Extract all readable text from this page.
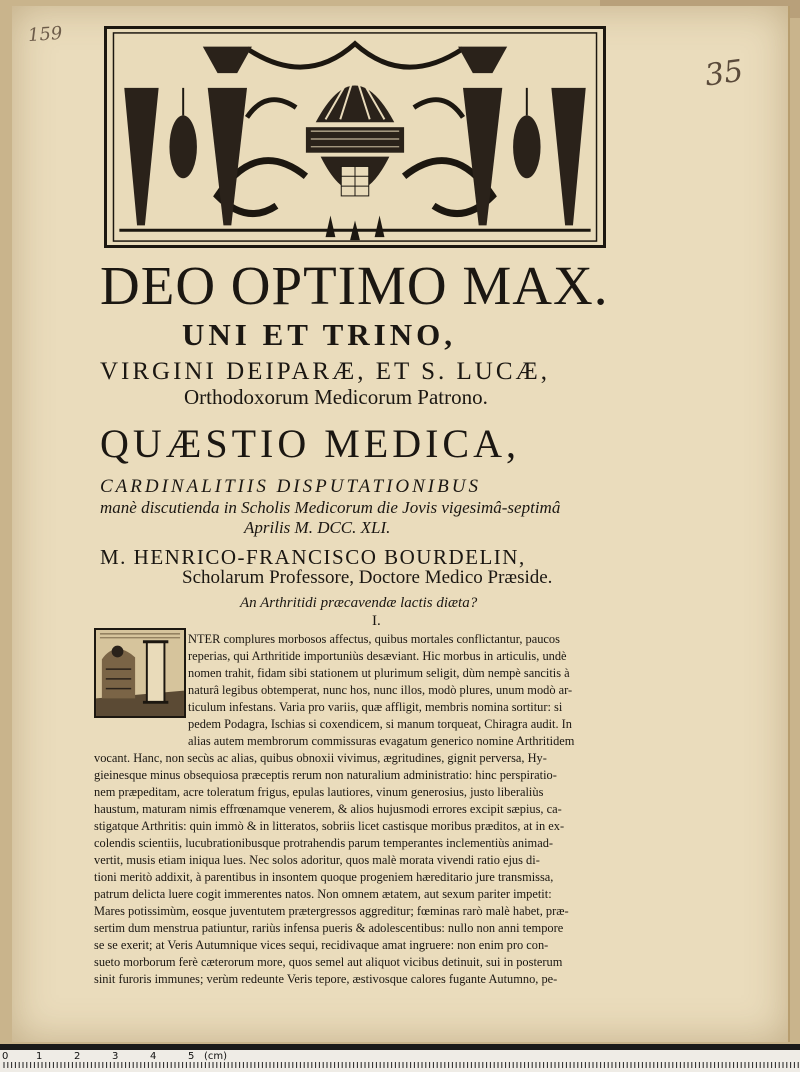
159
35
DEO OPTIMO MAX.
UNI ET TRINO,
VIRGINI DEIPARÆ, ET S. LUCÆ,
Orthodoxorum Medicorum Patrono.
QUÆSTIO MEDICA,
CARDINALITIIS DISPUTATIONIBUS
manè discutienda in Scholis Medicorum die Jovis vigesimâ-septimâ
Aprilis M. DCC. XLI.
M. HENRICO-FRANCISCO BOURDELIN,
Scholarum Professore, Doctore Medico Præside.
An Arthritidi præcavendæ lactis diæta?
I.
NTER complures morbosos affectus, quibus mortales conflictantur, paucos
reperias, qui Arthritide importuniùs desæviant. Hic morbus in articulis, undè
nomen trahit, fidam sibi stationem ut plurimum seligit, dùm nempè sancitis à
naturâ legibus obtemperat, nunc hos, nunc illos, modò plures, unum modò ar-
ticulum infestans. Varia pro variis, quæ affligit, membris nomina sortitur: si
pedem Podagra, Ischias si coxendicem, si manum torqueat, Chiragra audit. In
alias autem membrorum commissuras evagatum generico nomine Arthritidem
vocant. Hanc, non secùs ac alias, quibus obnoxii vivimus, ægritudines, gignit perversa, Hy-
gieinesque minus obsequiosa præceptis rerum non naturalium administratio: hinc perspiratio-
nem præpeditam, acre toleratum frigus, epulas lautiores, vinum generosius, justo liberaliùs
haustum, maturam nimis effrœnamque venerem, & alios hujusmodi errores excipit sæpius, ca-
stigatque Arthritis: quin immò & in litteratos, sobriis licet castisque moribus præditos, at in ex-
colendis scientiis, lucubrationibusque protrahendis parum temperantes inclementiùs animad-
vertit, musis etiam iniqua lues. Nec solos adoritur, quos malè morata vivendi ratio ejus di-
tioni meritò addixit, à parentibus in insontem quoque progeniem hæreditario jure transmissa,
patrum delicta luere cogit immerentes natos. Non omnem ætatem, aut sexum pariter impetit:
Mares potissimùm, eosque juventutem prætergressos aggreditur; fœminas rarò malè habet, præ-
sertim dum menstrua patiuntur, rariùs infensa pueris & adolescentibus: nullo non anni tempore
se se exerit; at Veris Autumnique vices sequi, recidivaque amat ingruere: non enim pro con-
sueto morborum ferè cæterorum more, quos semel aut aliquot vicibus detinuit, sui in posterum
sinit furoris immunes; verùm redeunte Veris tepore, æstivosque calores fugante Autumno, pe-
0	1	2	3	4	5 (cm)
